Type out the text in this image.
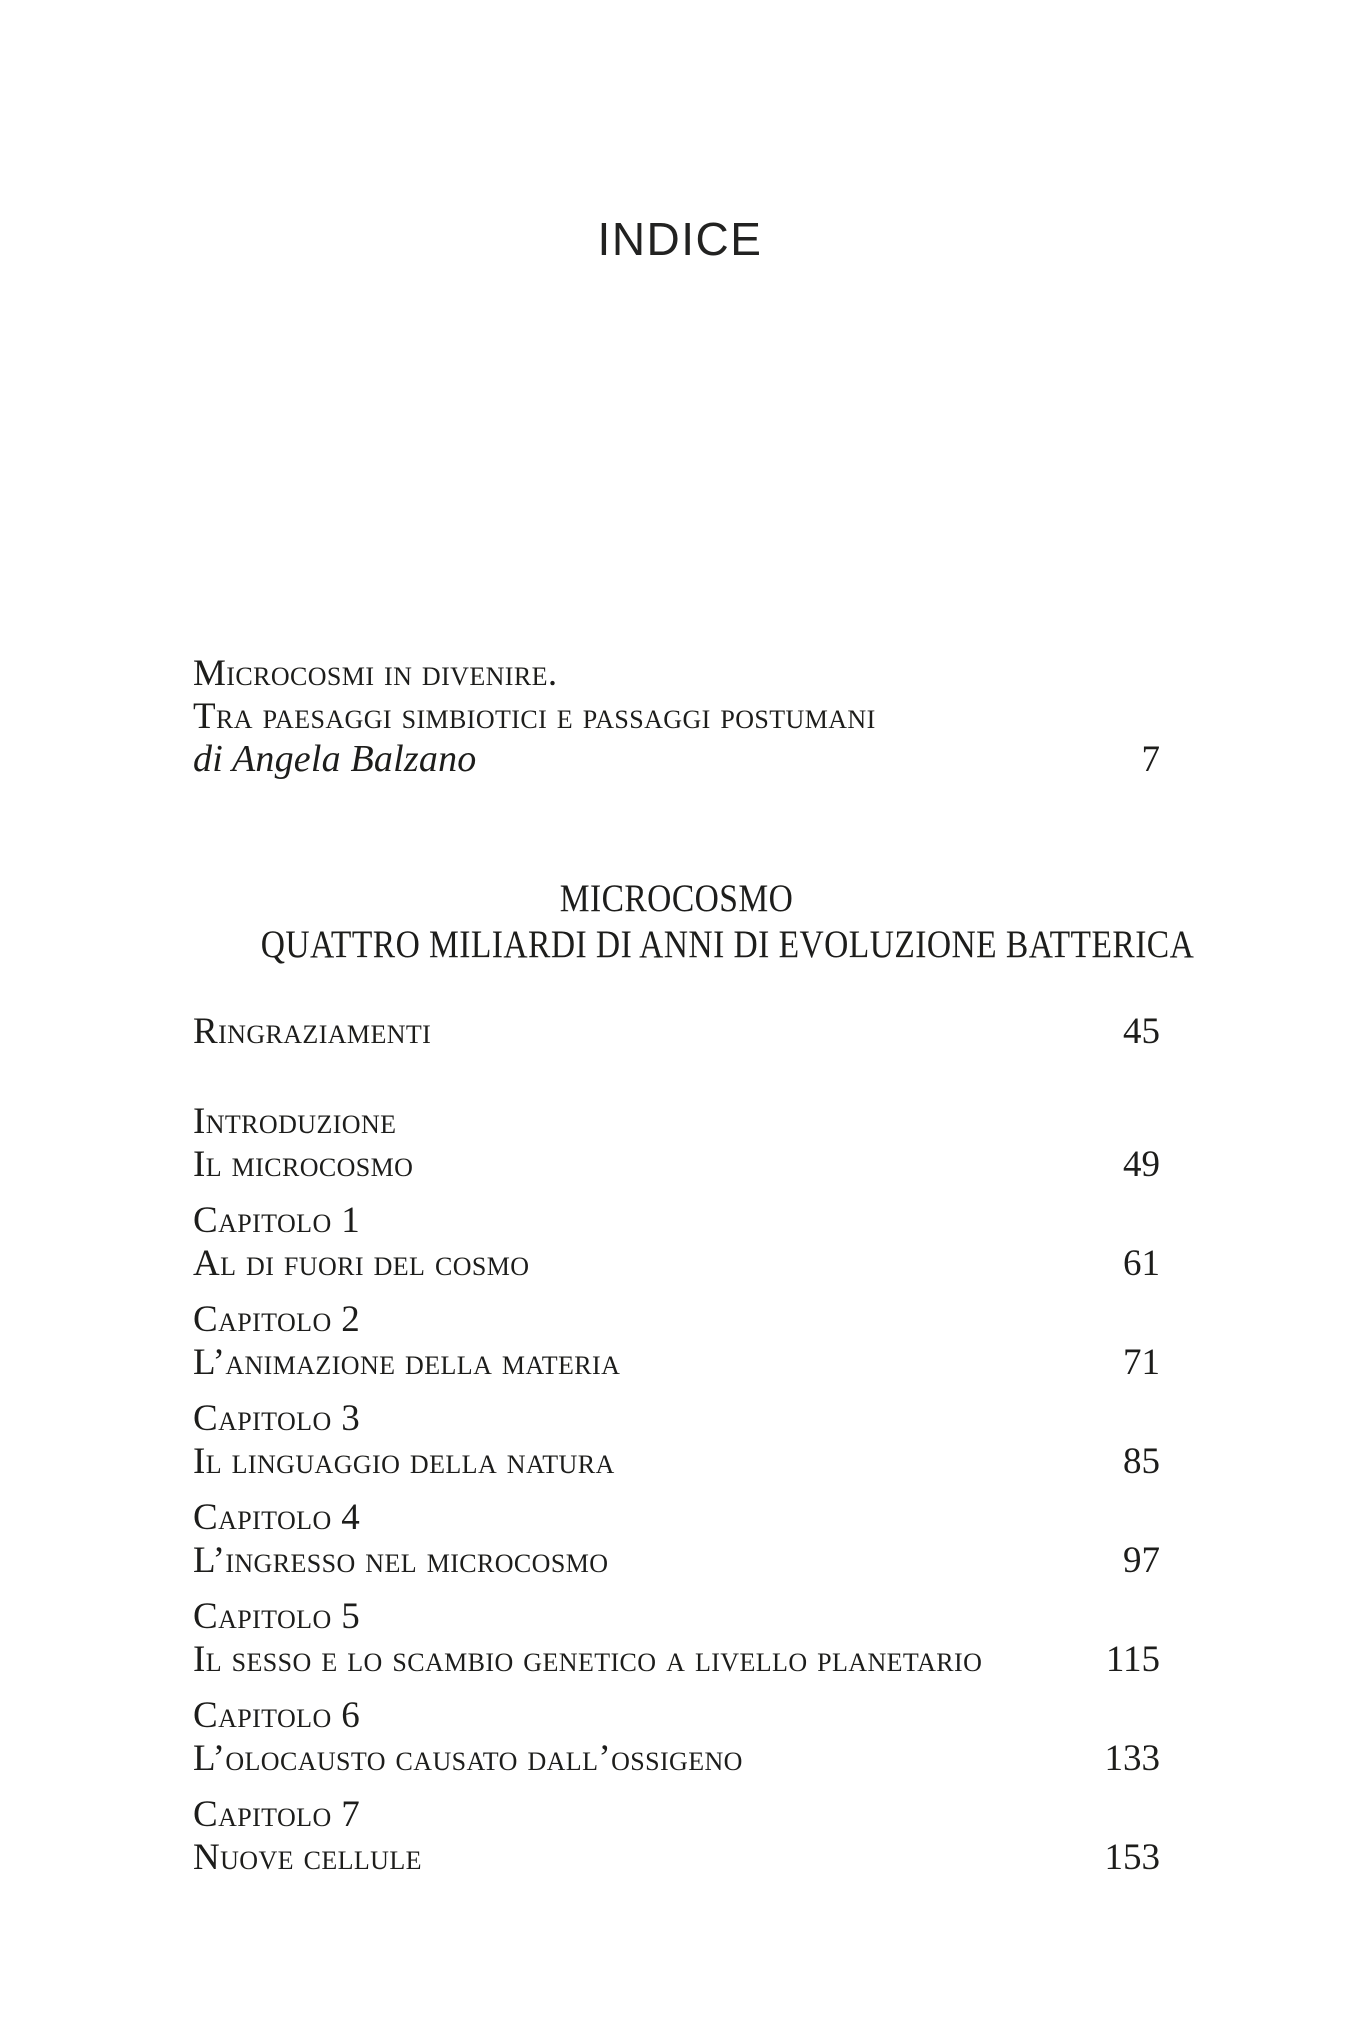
INDICE
Microcosmi in divenire.
Tra paesaggi simbiotici e passaggi postumani
di Angela Balzano	7
MICROCOSMO
QUATTRO MILIARDI DI ANNI DI EVOLUZIONE BATTERICA
Ringraziamenti	45
Introduzione
Il microcosmo	49
Capitolo 1
Al di fuori del cosmo	61
Capitolo 2
L’animazione della materia	71
Capitolo 3
Il linguaggio della natura	85
Capitolo 4
L’ingresso nel microcosmo	97
Capitolo 5
Il sesso e lo scambio genetico a livello planetario	115
Capitolo 6
L’olocausto causato dall’ossigeno	133
Capitolo 7
Nuove cellule	153
